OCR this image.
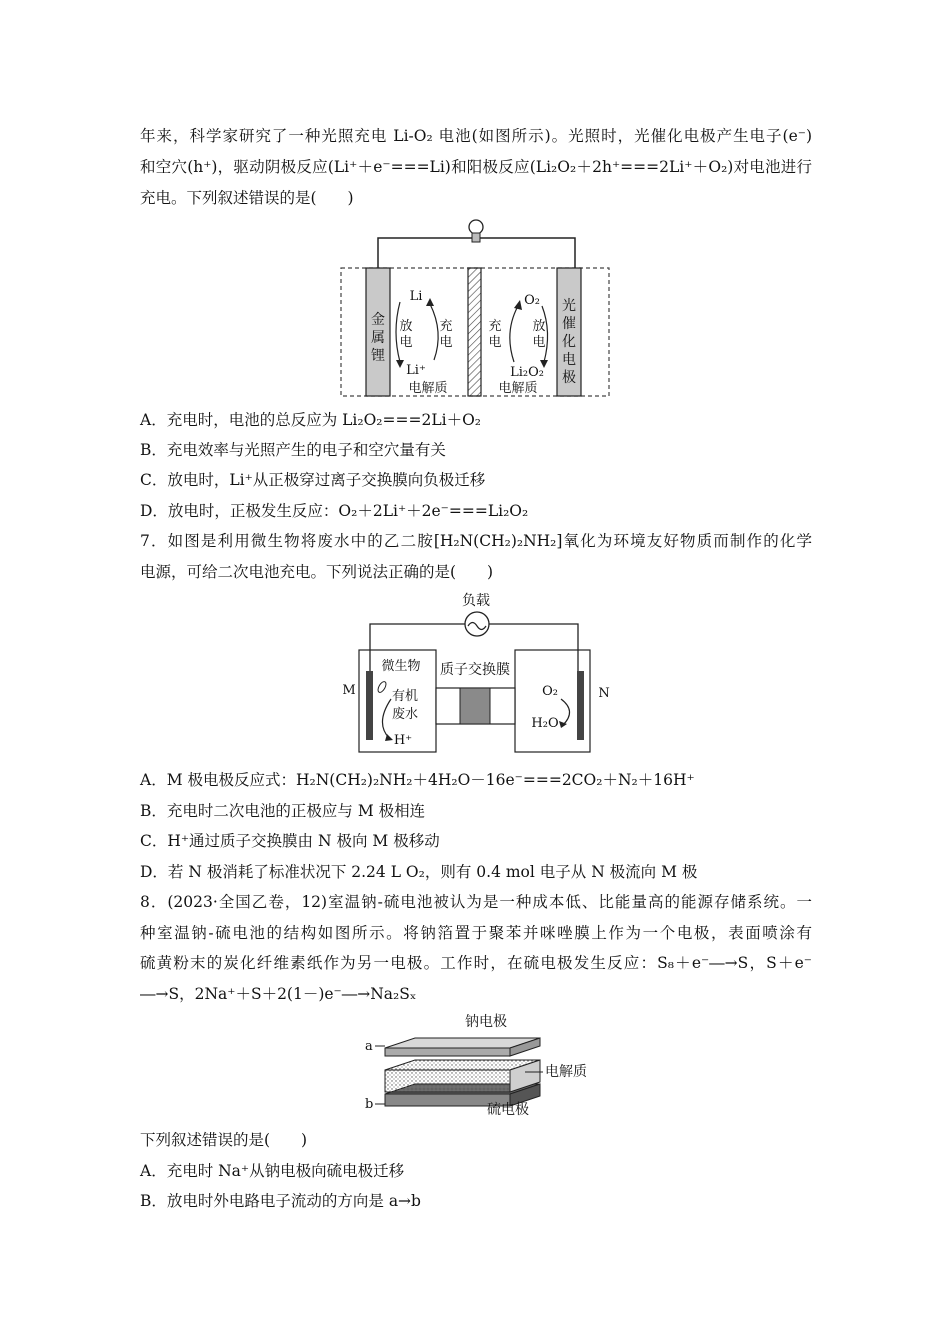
年来，科学家研究了一种光照充电 Li-O₂ 电池(如图所示)。光照时，光催化电极产生电子(e⁻)
和空穴(h⁺)，驱动阴极反应(Li⁺＋e⁻===Li)和阳极反应(Li₂O₂＋2h⁺===2Li⁺＋O₂)对电池进行
充电。下列叙述错误的是(　　)
金
属
锂
光
催
化
电
极
Li
放
电
充
电
Li⁺
电解质
O₂
充
电
放
电
Li₂O₂
电解质
A．充电时，电池的总反应为 Li₂O₂===2Li＋O₂
B．充电效率与光照产生的电子和空穴量有关
C．放电时，Li⁺从正极穿过离子交换膜向负极迁移
D．放电时，正极发生反应：O₂＋2Li⁺＋2e⁻===Li₂O₂
7．如图是利用微生物将废水中的乙二胺[H₂N(CH₂)₂NH₂]氧化为环境友好物质而制作的化学
电源，可给二次电池充电。下列说法正确的是(　　)
负载
质子交换膜
M	N
微生物
有机
废水
H⁺
O₂
H₂O
A．M 极电极反应式：H₂N(CH₂)₂NH₂＋4H₂O－16e⁻===2CO₂＋N₂＋16H⁺
B．充电时二次电池的正极应与 M 极相连
C．H⁺通过质子交换膜由 N 极向 M 极移动
D．若 N 极消耗了标准状况下 2.24 L O₂，则有 0.4 mol 电子从 N 极流向 M 极
8．(2023·全国乙卷，12)室温钠-硫电池被认为是一种成本低、比能量高的能源存储系统。一
种室温钠-硫电池的结构如图所示。将钠箔置于聚苯并咪唑膜上作为一个电极，表面喷涂有
硫黄粉末的炭化纤维素纸作为另一电极。工作时，在硫电极发生反应：S₈＋e⁻―→S，S＋e⁻
―→S，2Na⁺＋S＋2(1－)e⁻―→Na₂Sₓ
钠电极
a
b
电解质
硫电极
下列叙述错误的是(　　)
A．充电时 Na⁺从钠电极向硫电极迁移
B．放电时外电路电子流动的方向是 a→b
